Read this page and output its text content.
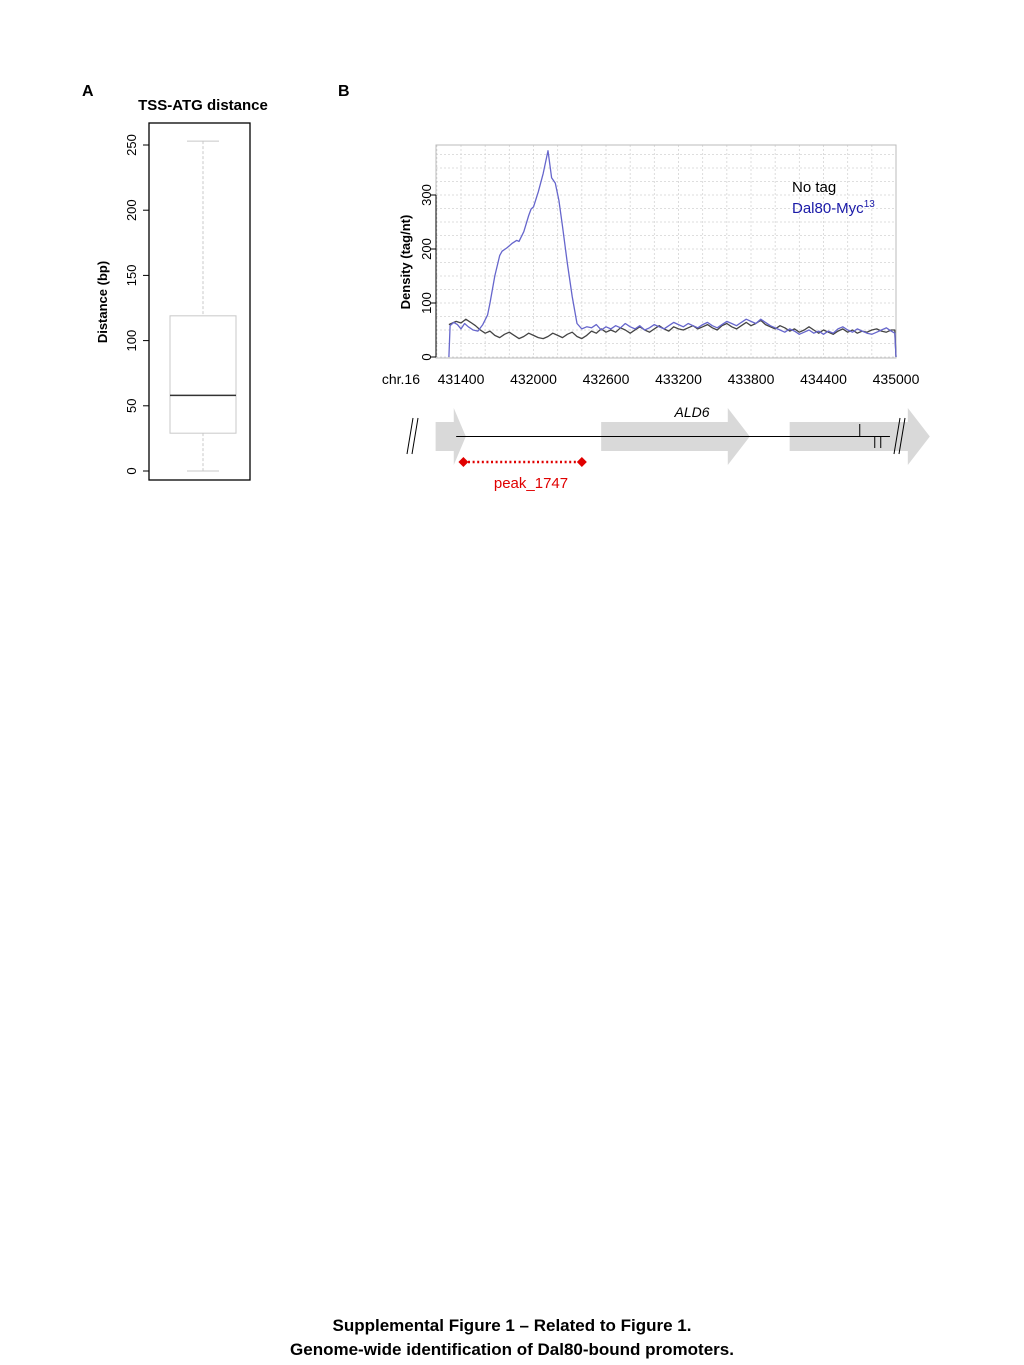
A
TSS-ATG distance
Distance (bp)
0
50
100
150
200
250
B
Density (tag/nt)
0
100
200
300
431400 432000 432600 433200 433800 434400 435000
chr.16
No tag
Dal80-Myc$^{13}$
ALD6
peak_1747
Supplemental Figure 1 – Related to Figure 1.
Genome-wide identification of Dal80-bound promoters.
